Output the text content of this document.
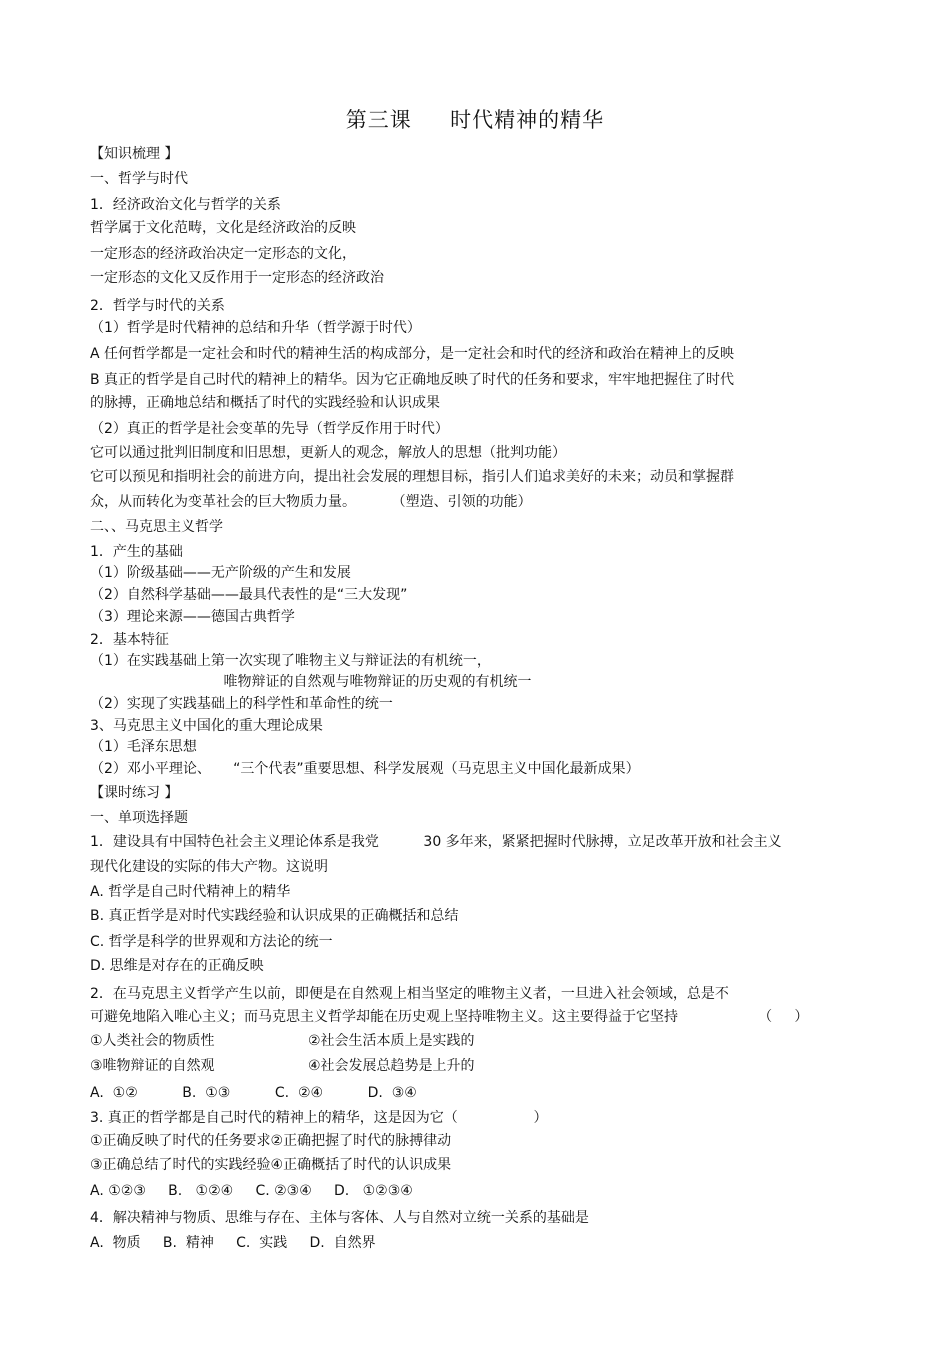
第三课     时代精神的精华
【知识梳理 】
一、哲学与时代
1．经济政治文化与哲学的关系
哲学属于文化范畴，文化是经济政治的反映
一定形态的经济政治决定一定形态的文化，
一定形态的文化又反作用于一定形态的经济政治
2．哲学与时代的关系
（1）哲学是时代精神的总结和升华（哲学源于时代）
A 任何哲学都是一定社会和时代的精神生活的构成部分，是一定社会和时代的经济和政治在精神上的反映
B 真正的哲学是自己时代的精神上的精华。因为它正确地反映了时代的任务和要求，牢牢地把握住了时代
的脉搏，正确地总结和概括了时代的实践经验和认识成果
（2）真正的哲学是社会变革的先导（哲学反作用于时代）
它可以通过批判旧制度和旧思想，更新人的观念，解放人的思想（批判功能）
它可以预见和指明社会的前进方向，提出社会发展的理想目标，指引人们追求美好的未来；动员和掌握群
众，从而转化为变革社会的巨大物质力量。        （塑造、引领的功能）
二、、马克思主义哲学
1．产生的基础
（1）阶级基础——无产阶级的产生和发展
（2）自然科学基础——最具代表性的是“三大发现”
（3）理论来源——德国古典哲学
2．基本特征
（1）在实践基础上第一次实现了唯物主义与辩证法的有机统一，
唯物辩证的自然观与唯物辩证的历史观的有机统一
（2）实现了实践基础上的科学性和革命性的统一
3、马克思主义中国化的重大理论成果
（1）毛泽东思想
（2）邓小平理论、     “三个代表”重要思想、科学发展观（马克思主义中国化最新成果）
【课时练习 】
一、单项选择题
1．建设具有中国特色社会主义理论体系是我党          30 多年来，紧紧把握时代脉搏，立足改革开放和社会主义
现代化建设的实际的伟大产物。这说明
A. 哲学是自己时代精神上的精华
B. 真正哲学是对时代实践经验和认识成果的正确概括和总结
C. 哲学是科学的世界观和方法论的统一
D. 思维是对存在的正确反映
2．在马克思主义哲学产生以前，即便是在自然观上相当坚定的唯物主义者，一旦进入社会领域，总是不
可避免地陷入唯心主义；而马克思主义哲学却能在历史观上坚持唯物主义。这主要得益于它坚持                  （     ）
①人类社会的物质性                     ②社会生活本质上是实践的
③唯物辩证的自然观                     ④社会发展总趋势是上升的
A.  ①②          B.  ①③          C.  ②④          D.  ③④
3. 真正的哲学都是自己时代的精神上的精华，这是因为它（                 ）
①正确反映了时代的任务要求②正确把握了时代的脉搏律动
③正确总结了时代的实践经验④正确概括了时代的认识成果
A. ①②③     B.   ①②④     C. ②③④     D.   ①②③④
4．解决精神与物质、思维与存在、主体与客体、人与自然对立统一关系的基础是
A.  物质     B.  精神     C.  实践     D.  自然界
